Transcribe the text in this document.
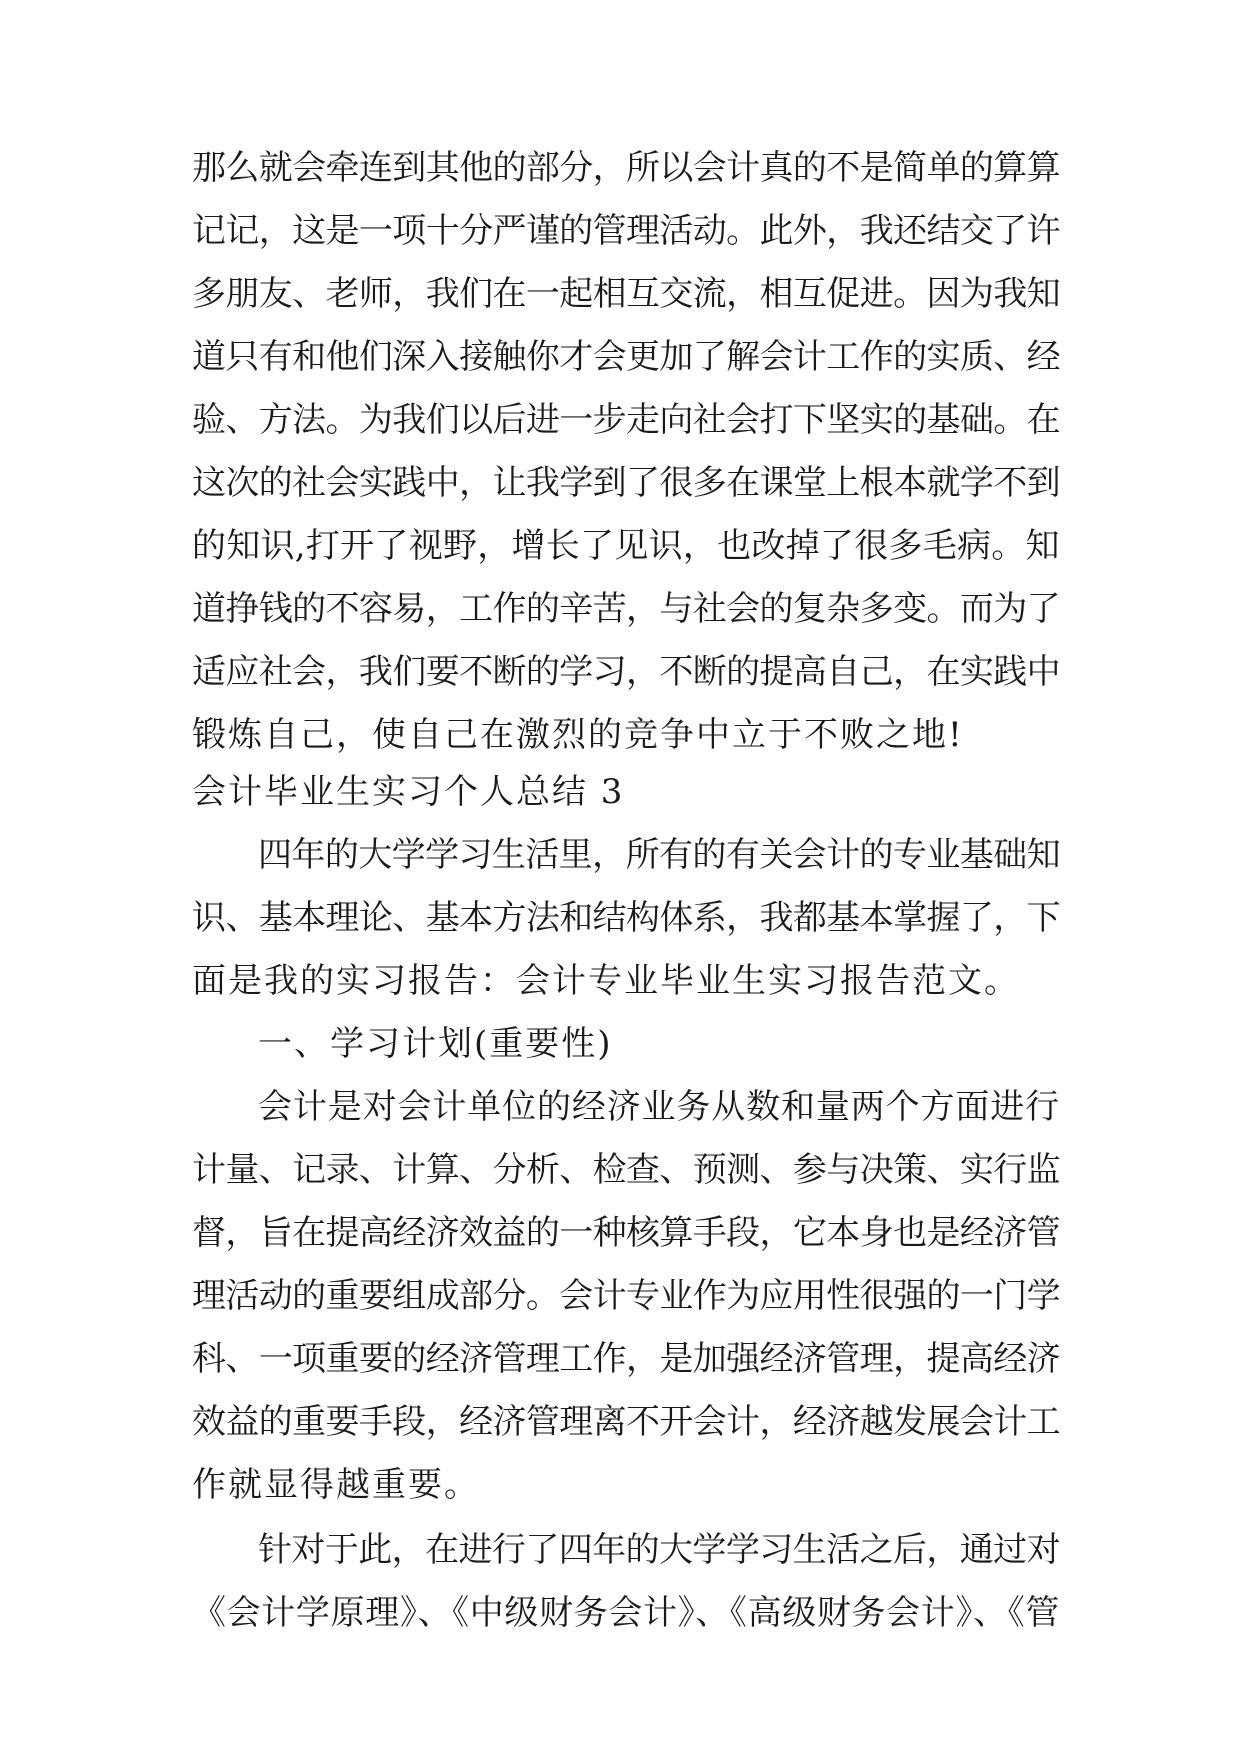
那么就会牵连到其他的部分，所以会计真的不是简单的算算
记记，这是一项十分严谨的管理活动。此外，我还结交了许
多朋友、老师，我们在一起相互交流，相互促进。因为我知
道只有和他们深入接触你才会更加了解会计工作的实质、经
验、方法。为我们以后进一步走向社会打下坚实的基础。在
这次的社会实践中，让我学到了很多在课堂上根本就学不到
的知识,打开了视野，增长了见识，也改掉了很多毛病。知
道挣钱的不容易，工作的辛苦，与社会的复杂多变。而为了
适应社会，我们要不断的学习，不断的提高自己，在实践中
锻炼自己，使自己在激烈的竞争中立于不败之地!
会计毕业生实习个人总结 3
四年的大学学习生活里，所有的有关会计的专业基础知
识、基本理论、基本方法和结构体系，我都基本掌握了，下
面是我的实习报告：会计专业毕业生实习报告范文。
一、学习计划(重要性)
会计是对会计单位的经济业务从数和量两个方面进行
计量、记录、计算、分析、检查、预测、参与决策、实行监
督，旨在提高经济效益的一种核算手段，它本身也是经济管
理活动的重要组成部分。会计专业作为应用性很强的一门学
科、一项重要的经济管理工作，是加强经济管理，提高经济
效益的重要手段，经济管理离不开会计，经济越发展会计工
作就显得越重要。
针对于此，在进行了四年的大学学习生活之后，通过对
《会计学原理》、《中级财务会计》、《高级财务会计》、《管
